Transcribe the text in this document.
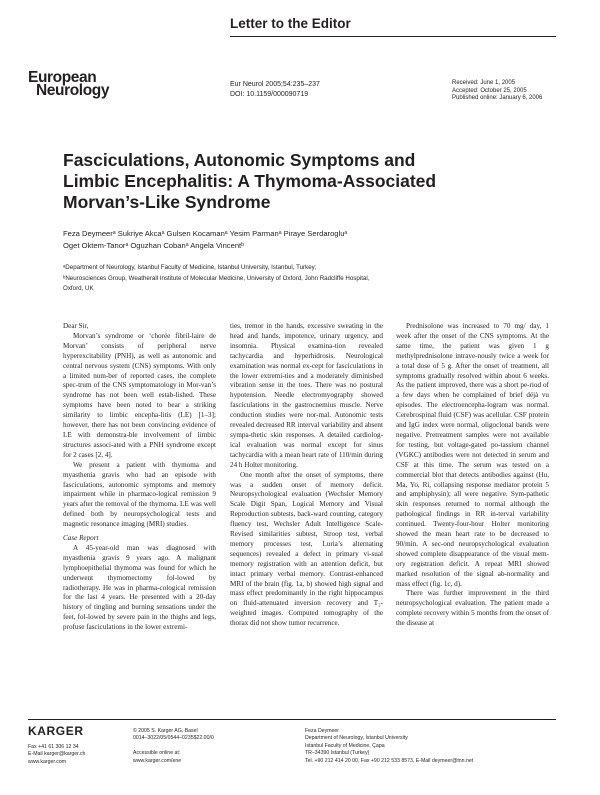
Letter to the Editor
European
Neurology	Eur Neurol 2005;54:235–237
DOI: 10.1159/000090719
Received: June 1, 2005
Accepted: October 25, 2005
Published online: January 6, 2006
Fasciculations, Autonomic Symptoms and
Limbic Encephalitis: A Thymoma-Associated
Morvan’s-Like Syndrome
Feza Deymeerᵃ Sukriye Akcaᵃ Gulsen Kocamanᵃ Yesim Parmanᵃ Piraye Serdarogluᵃ
Oget Oktem-Tanorᵃ Oguzhan Cobanᵃ Angela Vincentᵇ
ᵃDepartment of Neurology, Istanbul Faculty of Medicine, Istanbul University, Istanbul, Turkey;
ᵇNeurosciences Group, Weatherall Institute of Molecular Medicine, University of Oxford, John Radcliffe Hospital,
Oxford, UK

Dear Sir,

Morvan’s syndrome or ‘chorée fibril-laire de Morvan’ consists of peripheral nerve hyperexcitability (PNH), as well as autonomic and central nervous system (CNS) symptoms. With only a limited num-ber of reported cases, the complete spec-trum of the CNS symptomatology in Mor-van’s syndrome has not been well estab-lished. These symptoms have been noted to bear a striking similarity to limbic encepha-litis (LE) [1–3]; however, there has not been convincing evidence of LE with demonstra-ble involvement of limbic structures associ-ated with a PNH syndrome except for 2 cases [2, 4].

We present a patient with thymoma and myasthenia gravis who had an episode with fasciculations, autonomic symptoms and memory impairment while in pharmaco-logical remission 9 years after the removal of the thymoma. LE was well defined both by neuropsychological tests and magnetic resonance imaging (MRI) studies.

Case Report

A 45-year-old man was diagnosed with myasthenia gravis 9 years ago. A malignant lymphoepithelial thymoma was found for which he underwent thymomectomy fol-lowed by radiotherapy. He was in pharma-cological remission for the last 4 years. He presented with a 20-day history of tingling and burning sensations under the feet, fol-lowed by severe pain in the thighs and legs, profuse fasciculations in the lower extremi-

ties, tremor in the hands, excessive sweating in the head and hands, impotence, urinary urgency, and insomnia. Physical examina-tion revealed tachycardia and hyperhidrosis. Neurological examination was normal ex-cept for fasciculations in the lower extremi-ties and a moderately diminished vibration sense in the toes. There was no postural hypotension. Needle electromyography showed fasciculations in the gastrocnemius muscle. Nerve conduction studies were nor-mal. Autonomic tests revealed decreased RR interval variability and absent sympa-thetic skin responses. A detailed cardiolog-ical evaluation was normal except for sinus tachycardia with a mean heart rate of 110/min during 24 h Holter monitoring.

One month after the onset of symptoms, there was a sudden onset of memory deficit. Neuropsychological evaluation (Wechsler Memory Scale Digit Span, Logical Memory and Visual Reproduction subtests, back-ward counting, category fluency test, Wechsler Adult Intelligence Scale-Revised similarities subtest, Stroop test, verbal memory processes test, Luria’s alternating sequences) revealed a defect in primary vi-sual memory registration with an attention deficit, but intact primary verbal memory. Contrast-enhanced MRI of the brain (fig. 1a, b) showed high signal and mass effect predominantly in the right hippocampus on fluid-attenuated inversion recovery and T₂-weighted images. Computed tomography of the thorax did not show tumor recurrence.

Prednisolone was increased to 70 mg/ day, 1 week after the onset of the CNS symptoms. At the same time, the patient was given 1 g methylprednisolone intrave-nously twice a week for a total dose of 5 g. After the onset of treatment, all symptoms gradually resolved within about 6 weeks. As the patient improved, there was a short pe-riod of a few days when he complained of brief déjà vu episodes. The electroencepha-logram was normal. Cerebrospinal fluid (CSF) was acellular. CSF protein and IgG index were normal, oligoclonal bands were negative. Pretreatment samples were not available for testing, but voltage-gated po-tassium channel (VGKC) antibodies were not detected in serum and CSF at this time. The serum was tested on a commercial blot that detects antibodies against (Hu, Ma, Yo, Ri, collapsing response mediator protein 5 and amphiphysin); all were negative. Sym-pathetic skin responses returned to normal although the pathological findings in RR in-terval variability continued. Twenty-four-hour Holter monitoring showed the mean heart rate to be decreased to 90/min. A sec-ond neuropsychological evaluation showed complete disappearance of the visual mem-ory registration deficit. A repeat MRI showed marked resolution of the signal ab-normality and mass effect (fig. 1c, d).

There was further improvement in the third neuropsychological evaluation. The patient made a complete recovery within 5 months from the onset of the disease at

KARGER
Fax +41 61 306 12 34
E-Mail karger@karger.ch
www.karger.com
© 2005 S. Karger AG, Basel
0014–3022/05/0544–0235$22.00/0
Accessible online at:
www.karger.com/ene
Feza Deymeer
Department of Neurology, Istanbul University
Istanbul Faculty of Medicine, Çapa
TR–34390 Istanbul (Turkey)
Tel. +90 212 414 20 00, Fax +90 212 533 8573, E-Mail deymeer@tnn.net
